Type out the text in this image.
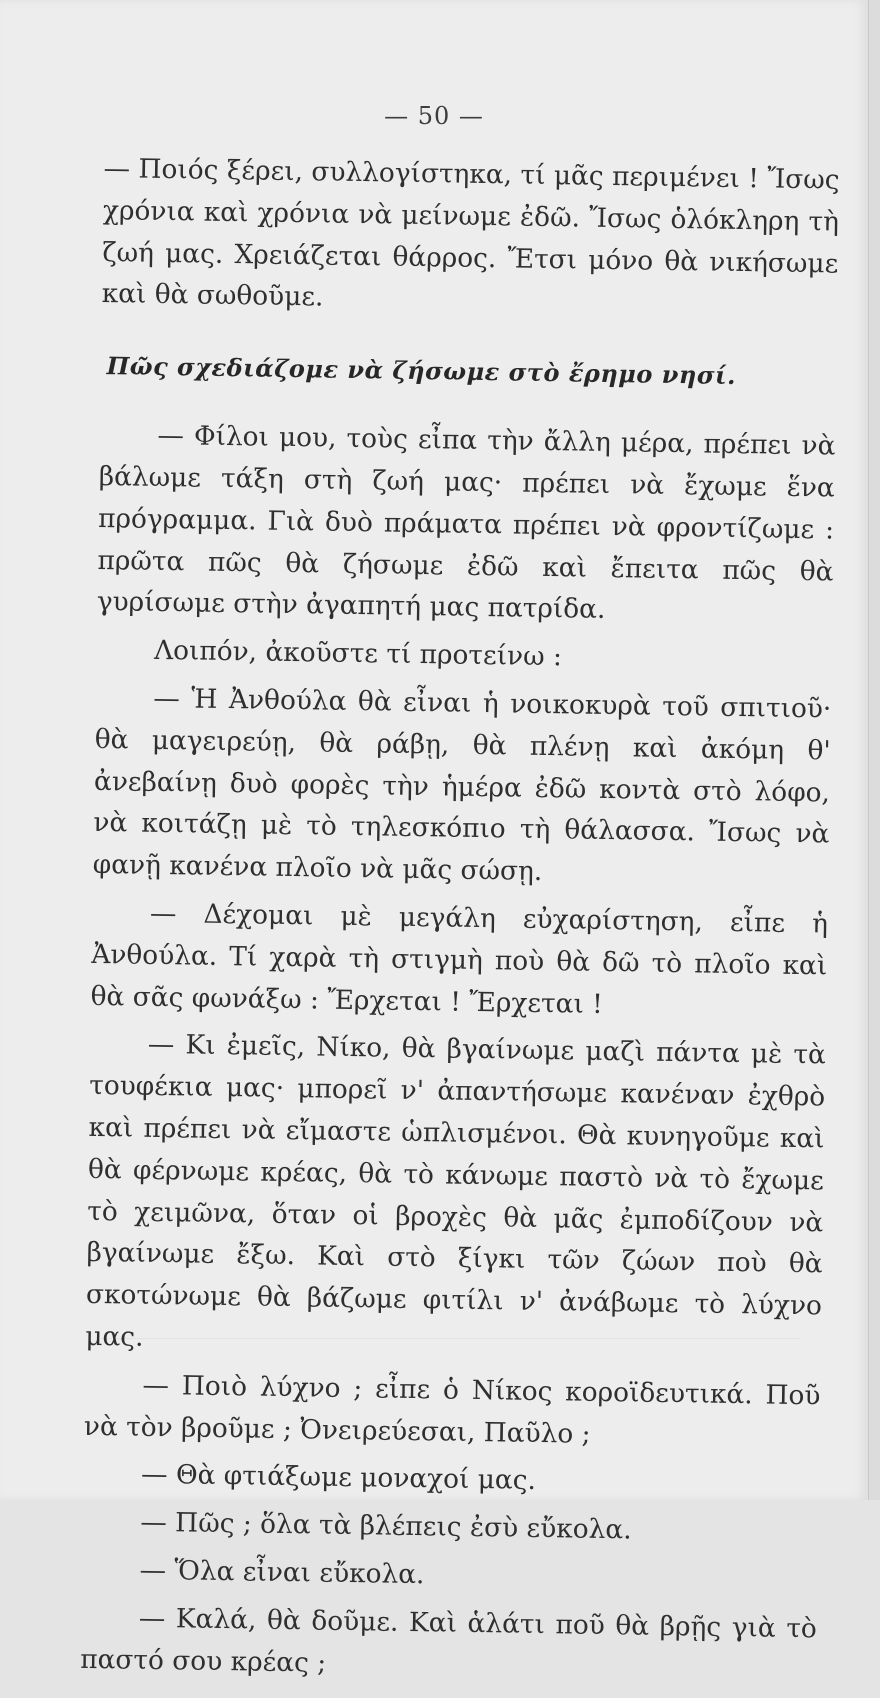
— 50 —

— Ποιός ξέρει, συλλογίστηκα, τί μᾶς περιμένει ! Ἴσως χρόνια καὶ χρόνια νὰ μείνωμε ἐδῶ. Ἴσως ὁλόκληρη τὴ ζωή μας. Χρειάζεται θάρρος. Ἔτσι μόνο θὰ νικήσωμε καὶ θὰ σωθοῦμε.

Πῶς σχεδιάζομε νὰ ζήσωμε στὸ ἔρημο νησί.

— Φίλοι μου, τοὺς εἶπα τὴν ἄλλη μέρα, πρέπει νὰ βάλωμε τάξη στὴ ζωή μας· πρέπει νὰ ἔχωμε ἕνα πρόγραμμα. Γιὰ δυὸ πράματα πρέπει νὰ φροντίζωμε : πρῶτα πῶς θὰ ζήσωμε ἐδῶ καὶ ἔπειτα πῶς θὰ γυρίσωμε στὴν ἀγαπητή μας πατρίδα.

Λοιπόν, ἀκοῦστε τί προτείνω :

— Ἡ Ἀνθούλα θὰ εἶναι ἡ νοικοκυρὰ τοῦ σπιτιοῦ· θὰ μαγειρεύῃ, θὰ ράβῃ, θὰ πλένῃ καὶ ἀκόμη θ' ἀνεβαίνῃ δυὸ φορὲς τὴν ἡμέρα ἐδῶ κοντὰ στὸ λόφο, νὰ κοιτάζῃ μὲ τὸ τηλεσκόπιο τὴ θάλασσα. Ἴσως νὰ φανῇ κανένα πλοῖο νὰ μᾶς σώσῃ.

— Δέχομαι μὲ μεγάλη εὐχαρίστηση, εἶπε ἡ Ἀνθούλα. Τί χαρὰ τὴ στιγμὴ ποὺ θὰ δῶ τὸ πλοῖο καὶ θὰ σᾶς φωνάξω : Ἔρχεται ! Ἔρχεται !

— Κι ἐμεῖς, Νίκο, θὰ βγαίνωμε μαζὶ πάντα μὲ τὰ τουφέκια μας· μπορεῖ ν' ἀπαντήσωμε κανέναν ἐχθρὸ καὶ πρέπει νὰ εἴμαστε ὡπλισμένοι. Θὰ κυνηγοῦμε καὶ θὰ φέρνωμε κρέας, θὰ τὸ κάνωμε παστὸ νὰ τὸ ἔχωμε τὸ χειμῶνα, ὅταν οἱ βροχὲς θὰ μᾶς ἐμποδίζουν νὰ βγαίνωμε ἔξω. Καὶ στὸ ξίγκι τῶν ζώων ποὺ θὰ σκοτώνωμε θὰ βάζωμε φιτίλι ν' ἀνάβωμε τὸ λύχνο μας.

— Ποιὸ λύχνο ; εἶπε ὁ Νίκος κοροϊδευτικά. Ποῦ νὰ τὸν βροῦμε ; Ὀνειρεύεσαι, Παῦλο ;

— Θὰ φτιάξωμε μοναχοί μας.

— Πῶς ; ὅλα τὰ βλέπεις ἐσὺ εὔκολα.

— Ὅλα εἶναι εὔκολα.

— Καλά, θὰ δοῦμε. Καὶ ἁλάτι ποῦ θὰ βρῇς γιὰ τὸ παστό σου κρέας ;
